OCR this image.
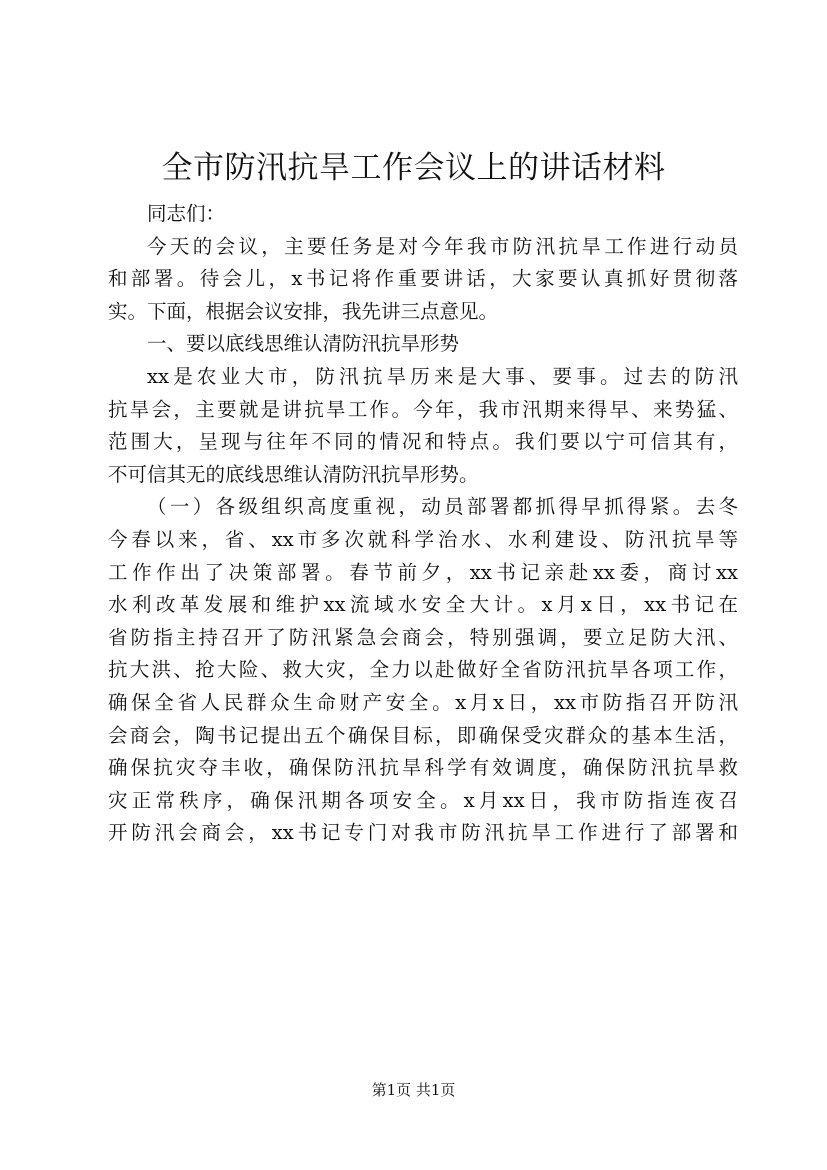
全市防汛抗旱工作会议上的讲话材料
同志们：
今天的会议，主要任务是对今年我市防汛抗旱工作进行动员
和部署。待会儿，x书记将作重要讲话，大家要认真抓好贯彻落
实。下面，根据会议安排，我先讲三点意见。
一、要以底线思维认清防汛抗旱形势
xx是农业大市，防汛抗旱历来是大事、要事。过去的防汛
抗旱会，主要就是讲抗旱工作。今年，我市汛期来得早、来势猛、
范围大，呈现与往年不同的情况和特点。我们要以宁可信其有，
不可信其无的底线思维认清防汛抗旱形势。
（一）各级组织高度重视，动员部署都抓得早抓得紧。去冬
今春以来，省、xx市多次就科学治水、水利建设、防汛抗旱等
工作作出了决策部署。春节前夕，xx书记亲赴xx委，商讨xx
水利改革发展和维护xx流域水安全大计。x月x日，xx书记在
省防指主持召开了防汛紧急会商会，特别强调，要立足防大汛、
抗大洪、抢大险、救大灾，全力以赴做好全省防汛抗旱各项工作，
确保全省人民群众生命财产安全。x月x日，xx市防指召开防汛
会商会，陶书记提出五个确保目标，即确保受灾群众的基本生活，
确保抗灾夺丰收，确保防汛抗旱科学有效调度，确保防汛抗旱救
灾正常秩序，确保汛期各项安全。x月xx日，我市防指连夜召
开防汛会商会，xx书记专门对我市防汛抗旱工作进行了部署和
第1页 共1页
